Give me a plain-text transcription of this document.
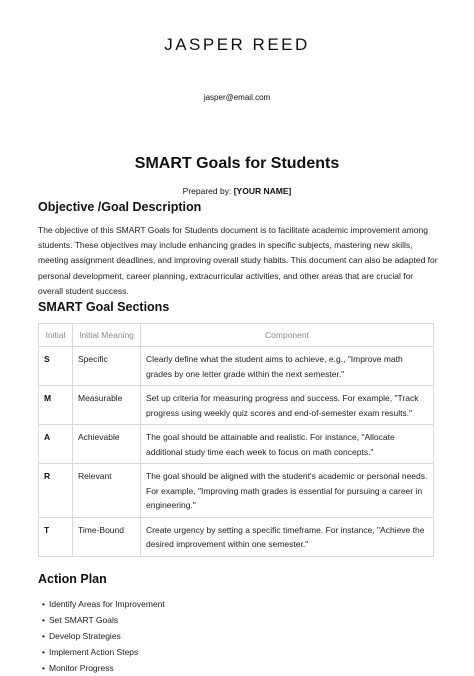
JASPER REED
jasper@email.com
SMART Goals for Students
Prepared by: [YOUR NAME]
Objective /Goal Description
The objective of this SMART Goals for Students document is to facilitate academic improvement among students. These objectives may include enhancing grades in specific subjects, mastering new skills, meeting assignment deadlines, and improving overall study habits. This document can also be adapted for personal development, career planning, extracurricular activities, and other areas that are crucial for overall student success.
SMART Goal Sections
Initial	Initial Meaning	Component
S	Specific	Clearly define what the student aims to achieve, e.g., "Improve math grades by one letter grade within the next semester."
M	Measurable	Set up criteria for measuring progress and success. For example, "Track progress using weekly quiz scores and end-of-semester exam results."
A	Achievable	The goal should be attainable and realistic. For instance, "Allocate additional study time each week to focus on math concepts."
R	Relevant	The goal should be aligned with the student's academic or personal needs. For example, "Improving math grades is essential for pursuing a career in engineering."
T	Time-Bound	Create urgency by setting a specific timeframe. For instance, "Achieve the desired improvement within one semester."
Action Plan
• Identify Areas for Improvement
• Set SMART Goals
• Develop Strategies
• Implement Action Steps
• Monitor Progress
